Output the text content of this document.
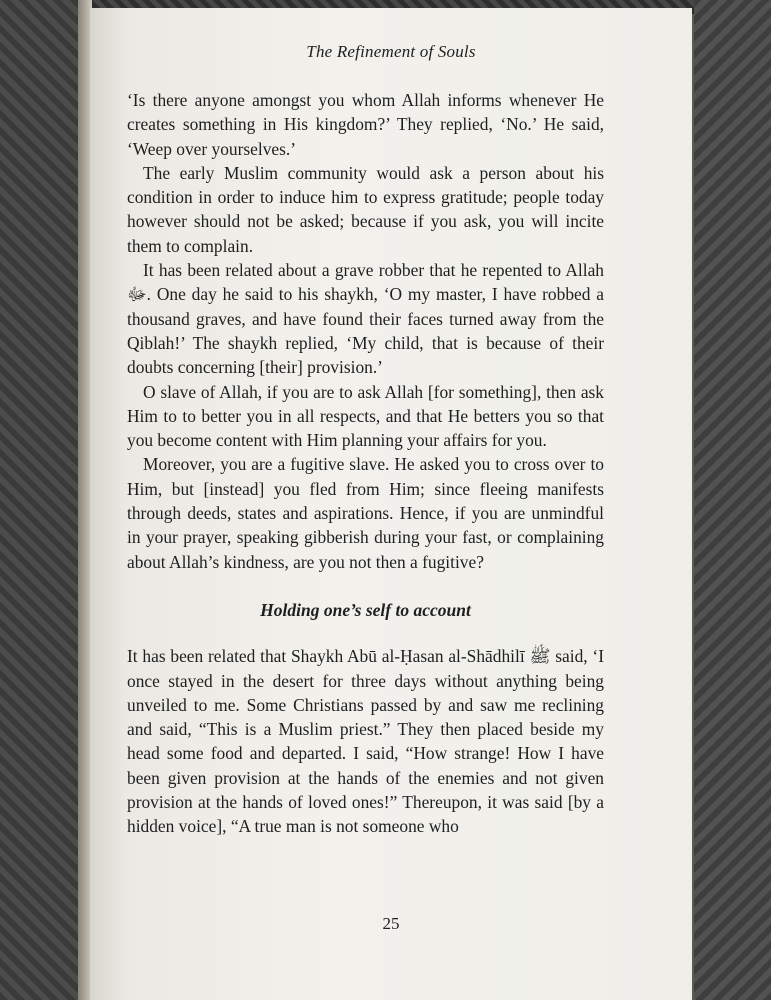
The Refinement of Souls

‘Is there anyone amongst you whom Allah informs whenever He creates something in His kingdom?’ They replied, ‘No.’ He said, ‘Weep over yourselves.’

The early Muslim community would ask a person about his condition in order to induce him to express gratitude; people today however should not be asked; because if you ask, you will incite them to complain.

It has been related about a grave robber that he repented to Allah ﷻ. One day he said to his shaykh, ‘O my master, I have robbed a thousand graves, and have found their faces turned away from the Qiblah!’ The shaykh replied, ‘My child, that is because of their doubts concerning [their] provision.’

O slave of Allah, if you are to ask Allah [for something], then ask Him to to better you in all respects, and that He betters you so that you become content with Him planning your affairs for you.

Moreover, you are a fugitive slave. He asked you to cross over to Him, but [instead] you fled from Him; since fleeing manifests through deeds, states and aspirations. Hence, if you are unmindful in your prayer, speaking gibberish during your fast, or complaining about Allah’s kindness, are you not then a fugitive?

Holding one’s self to account

It has been related that Shaykh Abū al-Ḥasan al-Shādhilī ﷺ said, ‘I once stayed in the desert for three days without anything being unveiled to me. Some Christians passed by and saw me reclining and said, “This is a Muslim priest.” They then placed beside my head some food and departed. I said, “How strange! How I have been given provision at the hands of the enemies and not given provision at the hands of loved ones!” Thereupon, it was said [by a hidden voice], “A true man is not someone who

25
